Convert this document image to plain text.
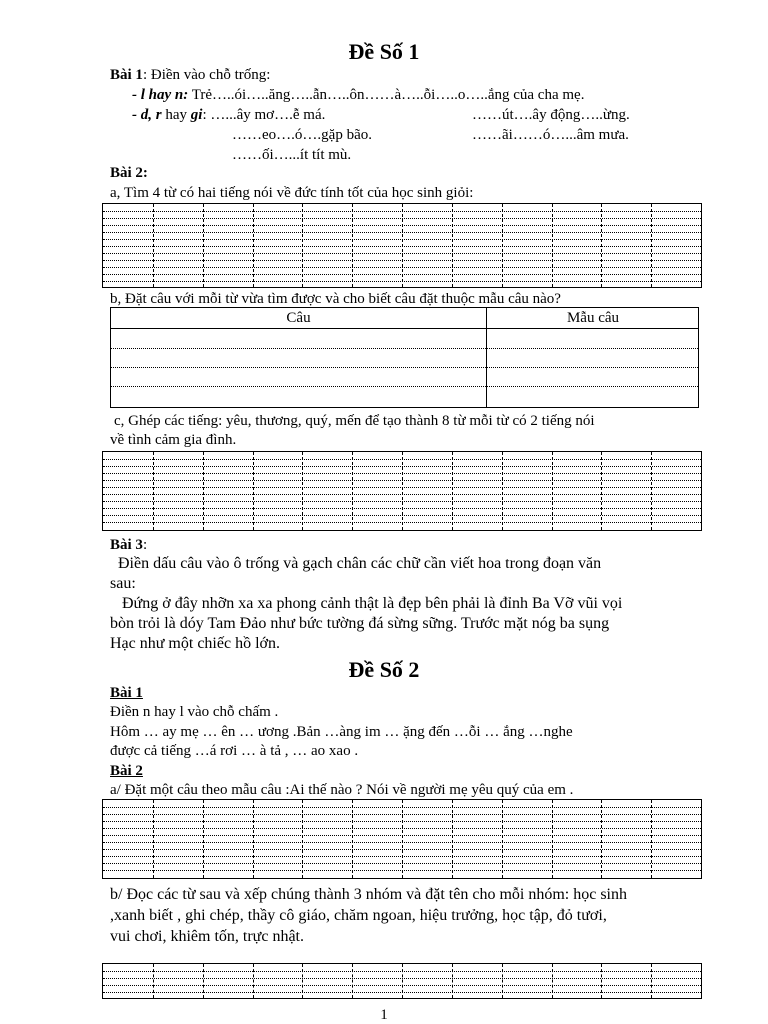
Đề Số 1
Bài 1: Điền vào chỗ trống:
- l hay n: Trẻ…..ói…..ăng…..ẫn…..ôn……à…..ỗi…..o…..ắng của cha mẹ.
- d, r hay gi: …...ây mơ….ễ má.	……út….ây động…..ừng.
……eo….ó….gặp bão.	……ãi……ó…...âm mưa.
……ối…...ít tít mù.
Bài 2:
a, Tìm 4 từ có hai tiếng nói về đức tính tốt của học sinh giỏi:
b, Đặt câu với mỗi từ vừa tìm được và cho biết câu đặt thuộc mẫu câu nào?
Câu	Mẫu câu
c, Ghép các tiếng: yêu, thương, quý, mến để tạo thành 8 từ mỗi từ có 2 tiếng nói
về tình cảm gia đình.
Bài 3:
Điền dấu câu vào ô trống và gạch chân các chữ cần viết hoa trong đoạn văn
sau:
Đứng ở đây nhỡn xa xa phong cảnh thật là đẹp bên phải là đỉnh Ba Vỡ vũi vọi
bòn trỏi là dóy Tam Đảo như bức tường đá sừng sững. Trước mặt nóg ba sụng
Hạc như một chiếc hồ lớn.
Đề Số 2
Bài 1
Điền n hay l vào chỗ chấm .
Hôm … ay mẹ … ên … ương .Bản …àng im … ặng đến …ỗi … ắng …nghe
được cả tiếng …á rơi … à tả , … ao xao .
Bài 2
a/ Đặt một câu theo mẫu câu :Ai thế nào ? Nói về người mẹ yêu quý của em .
b/ Đọc các từ sau và xếp chúng thành 3 nhóm và đặt tên cho mỗi nhóm: học sinh
,xanh biết , ghi chép, thầy cô giáo, chăm ngoan, hiệu trưởng, học tập, đỏ tươi,
vui chơi, khiêm tốn, trực nhật.
1
